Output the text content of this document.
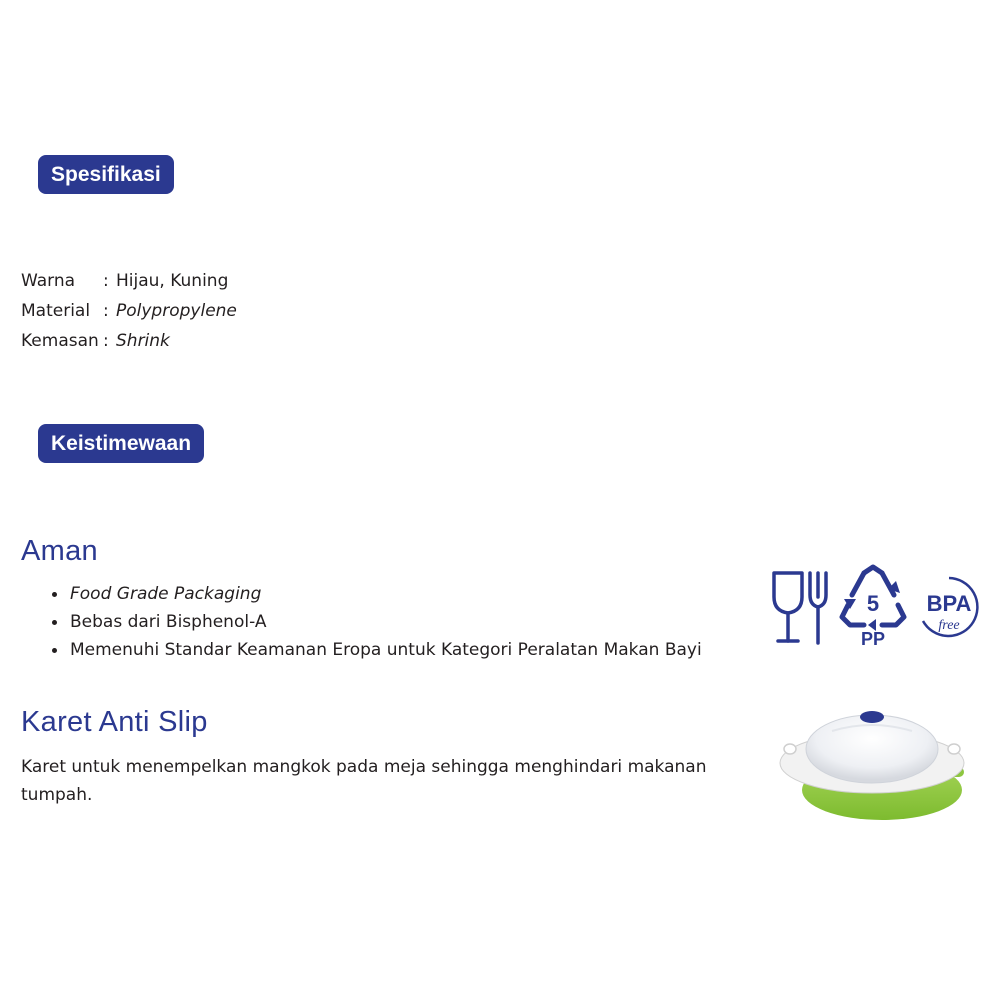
Spesifikasi
Warna	: Hijau, Kuning
Material : Polypropylene
Kemasan : Shrink
Keistimewaan
Aman
Food Grade Packaging
Bebas dari Bisphenol-A
Memenuhi Standar Keamanan Eropa untuk Kategori Peralatan Makan Bayi
5
PP
BPA
free
Karet Anti Slip

Karet untuk menempelkan mangkok pada meja sehingga menghindari makanan tumpah.
